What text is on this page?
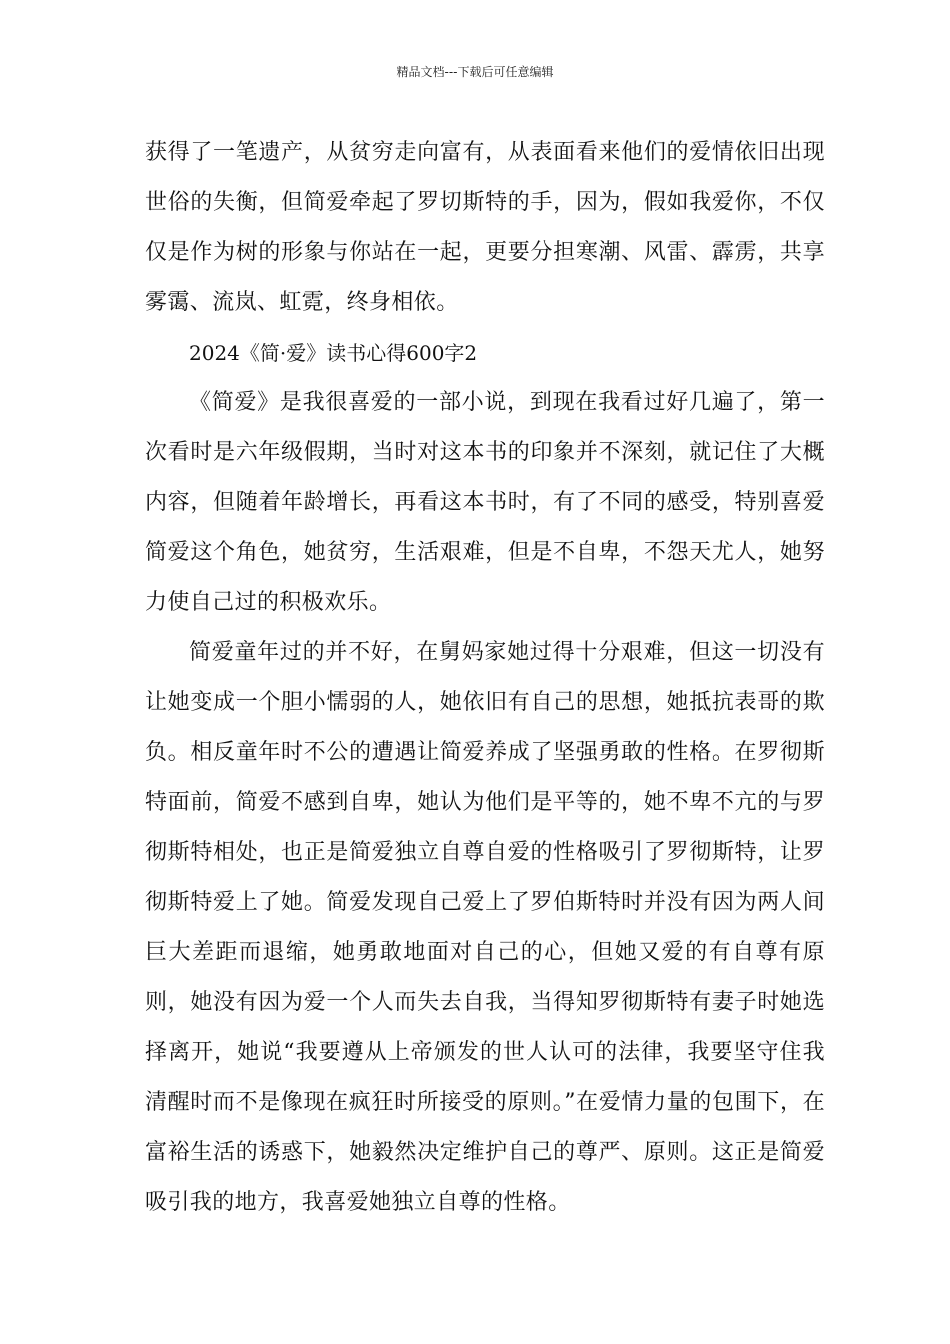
精品文档---下载后可任意编辑

获得了一笔遗产，从贫穷走向富有，从表面看来他们的爱情依旧出现世俗的失衡，但简爱牵起了罗切斯特的手，因为，假如我爱你，不仅仅是作为树的形象与你站在一起，更要分担寒潮、风雷、霹雳，共享雾霭、流岚、虹霓，终身相依。

2024《简·爱》读书心得600字2

《简爱》是我很喜爱的一部小说，到现在我看过好几遍了，第一次看时是六年级假期，当时对这本书的印象并不深刻，就记住了大概内容，但随着年龄增长，再看这本书时，有了不同的感受，特别喜爱简爱这个角色，她贫穷，生活艰难，但是不自卑，不怨天尤人，她努力使自己过的积极欢乐。

简爱童年过的并不好，在舅妈家她过得十分艰难，但这一切没有让她变成一个胆小懦弱的人，她依旧有自己的思想，她抵抗表哥的欺负。相反童年时不公的遭遇让简爱养成了坚强勇敢的性格。在罗彻斯特面前，简爱不感到自卑，她认为他们是平等的，她不卑不亢的与罗彻斯特相处，也正是简爱独立自尊自爱的性格吸引了罗彻斯特，让罗彻斯特爱上了她。简爱发现自己爱上了罗伯斯特时并没有因为两人间巨大差距而退缩，她勇敢地面对自己的心，但她又爱的有自尊有原则，她没有因为爱一个人而失去自我，当得知罗彻斯特有妻子时她选择离开，她说“我要遵从上帝颁发的世人认可的法律，我要坚守住我清醒时而不是像现在疯狂时所接受的原则。”在爱情力量的包围下，在富裕生活的诱惑下，她毅然决定维护自己的尊严、原则。这正是简爱吸引我的地方，我喜爱她独立自尊的性格。
